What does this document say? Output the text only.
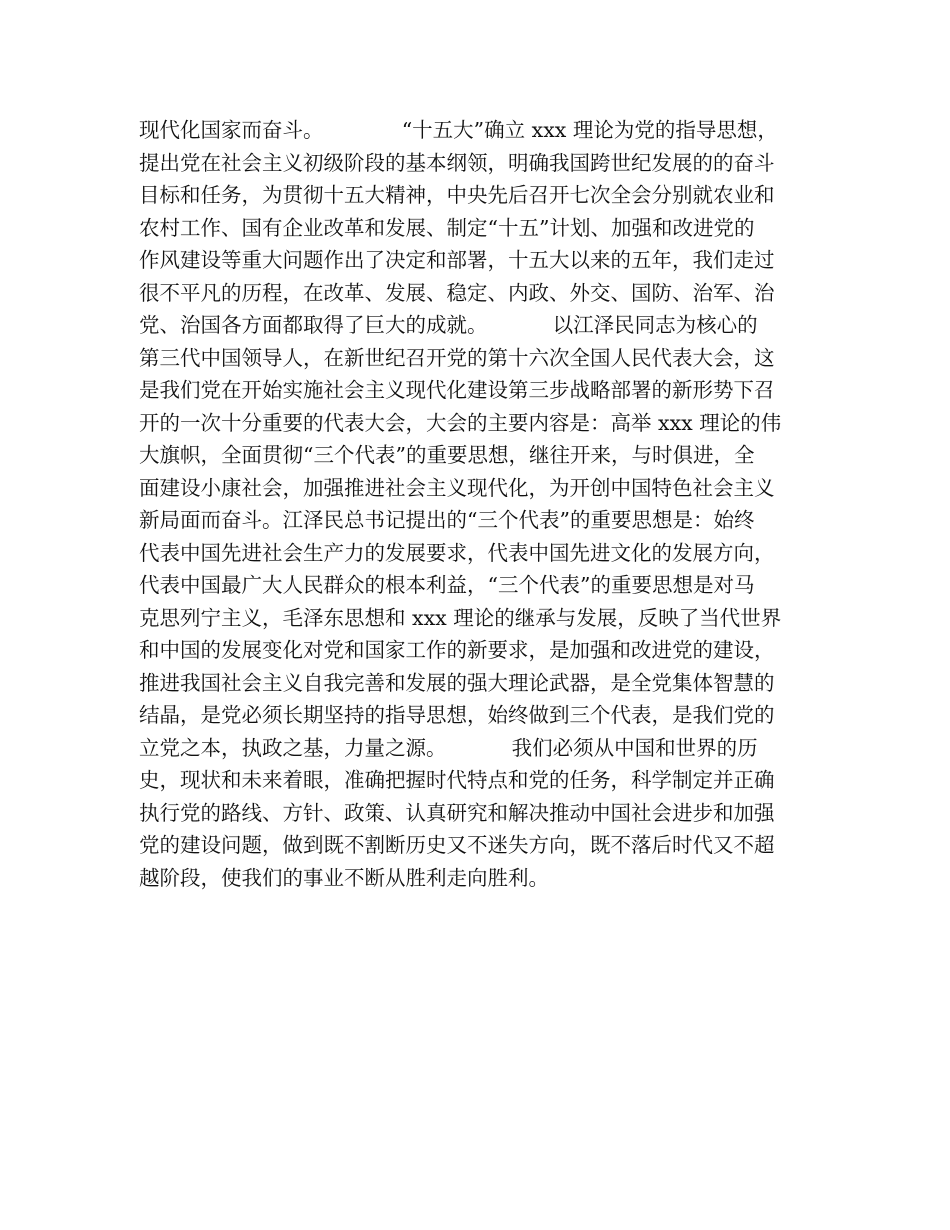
现代化国家而奋斗。            “十五大”确立 xxx 理论为党的指导思想，
提出党在社会主义初级阶段的基本纲领，明确我国跨世纪发展的的奋斗
目标和任务，为贯彻十五大精神，中央先后召开七次全会分别就农业和
农村工作、国有企业改革和发展、制定“十五”计划、加强和改进党的
作风建设等重大问题作出了决定和部署，十五大以来的五年，我们走过
很不平凡的历程，在改革、发展、稳定、内政、外交、国防、治军、治
党、治国各方面都取得了巨大的成就。          以江泽民同志为核心的
第三代中国领导人，在新世纪召开党的第十六次全国人民代表大会，这
是我们党在开始实施社会主义现代化建设第三步战略部署的新形势下召
开的一次十分重要的代表大会，大会的主要内容是：高举 xxx 理论的伟
大旗帜，全面贯彻“三个代表”的重要思想，继往开来，与时俱进，全
面建设小康社会，加强推进社会主义现代化，为开创中国特色社会主义
新局面而奋斗。江泽民总书记提出的“三个代表”的重要思想是：始终
代表中国先进社会生产力的发展要求，代表中国先进文化的发展方向，
代表中国最广大人民群众的根本利益，“三个代表”的重要思想是对马
克思列宁主义，毛泽东思想和 xxx 理论的继承与发展，反映了当代世界
和中国的发展变化对党和国家工作的新要求，是加强和改进党的建设，
推进我国社会主义自我完善和发展的强大理论武器，是全党集体智慧的
结晶，是党必须长期坚持的指导思想，始终做到三个代表，是我们党的
立党之本，执政之基，力量之源。          我们必须从中国和世界的历
史，现状和未来着眼，准确把握时代特点和党的任务，科学制定并正确
执行党的路线、方针、政策、认真研究和解决推动中国社会进步和加强
党的建设问题，做到既不割断历史又不迷失方向，既不落后时代又不超
越阶段，使我们的事业不断从胜利走向胜利。
